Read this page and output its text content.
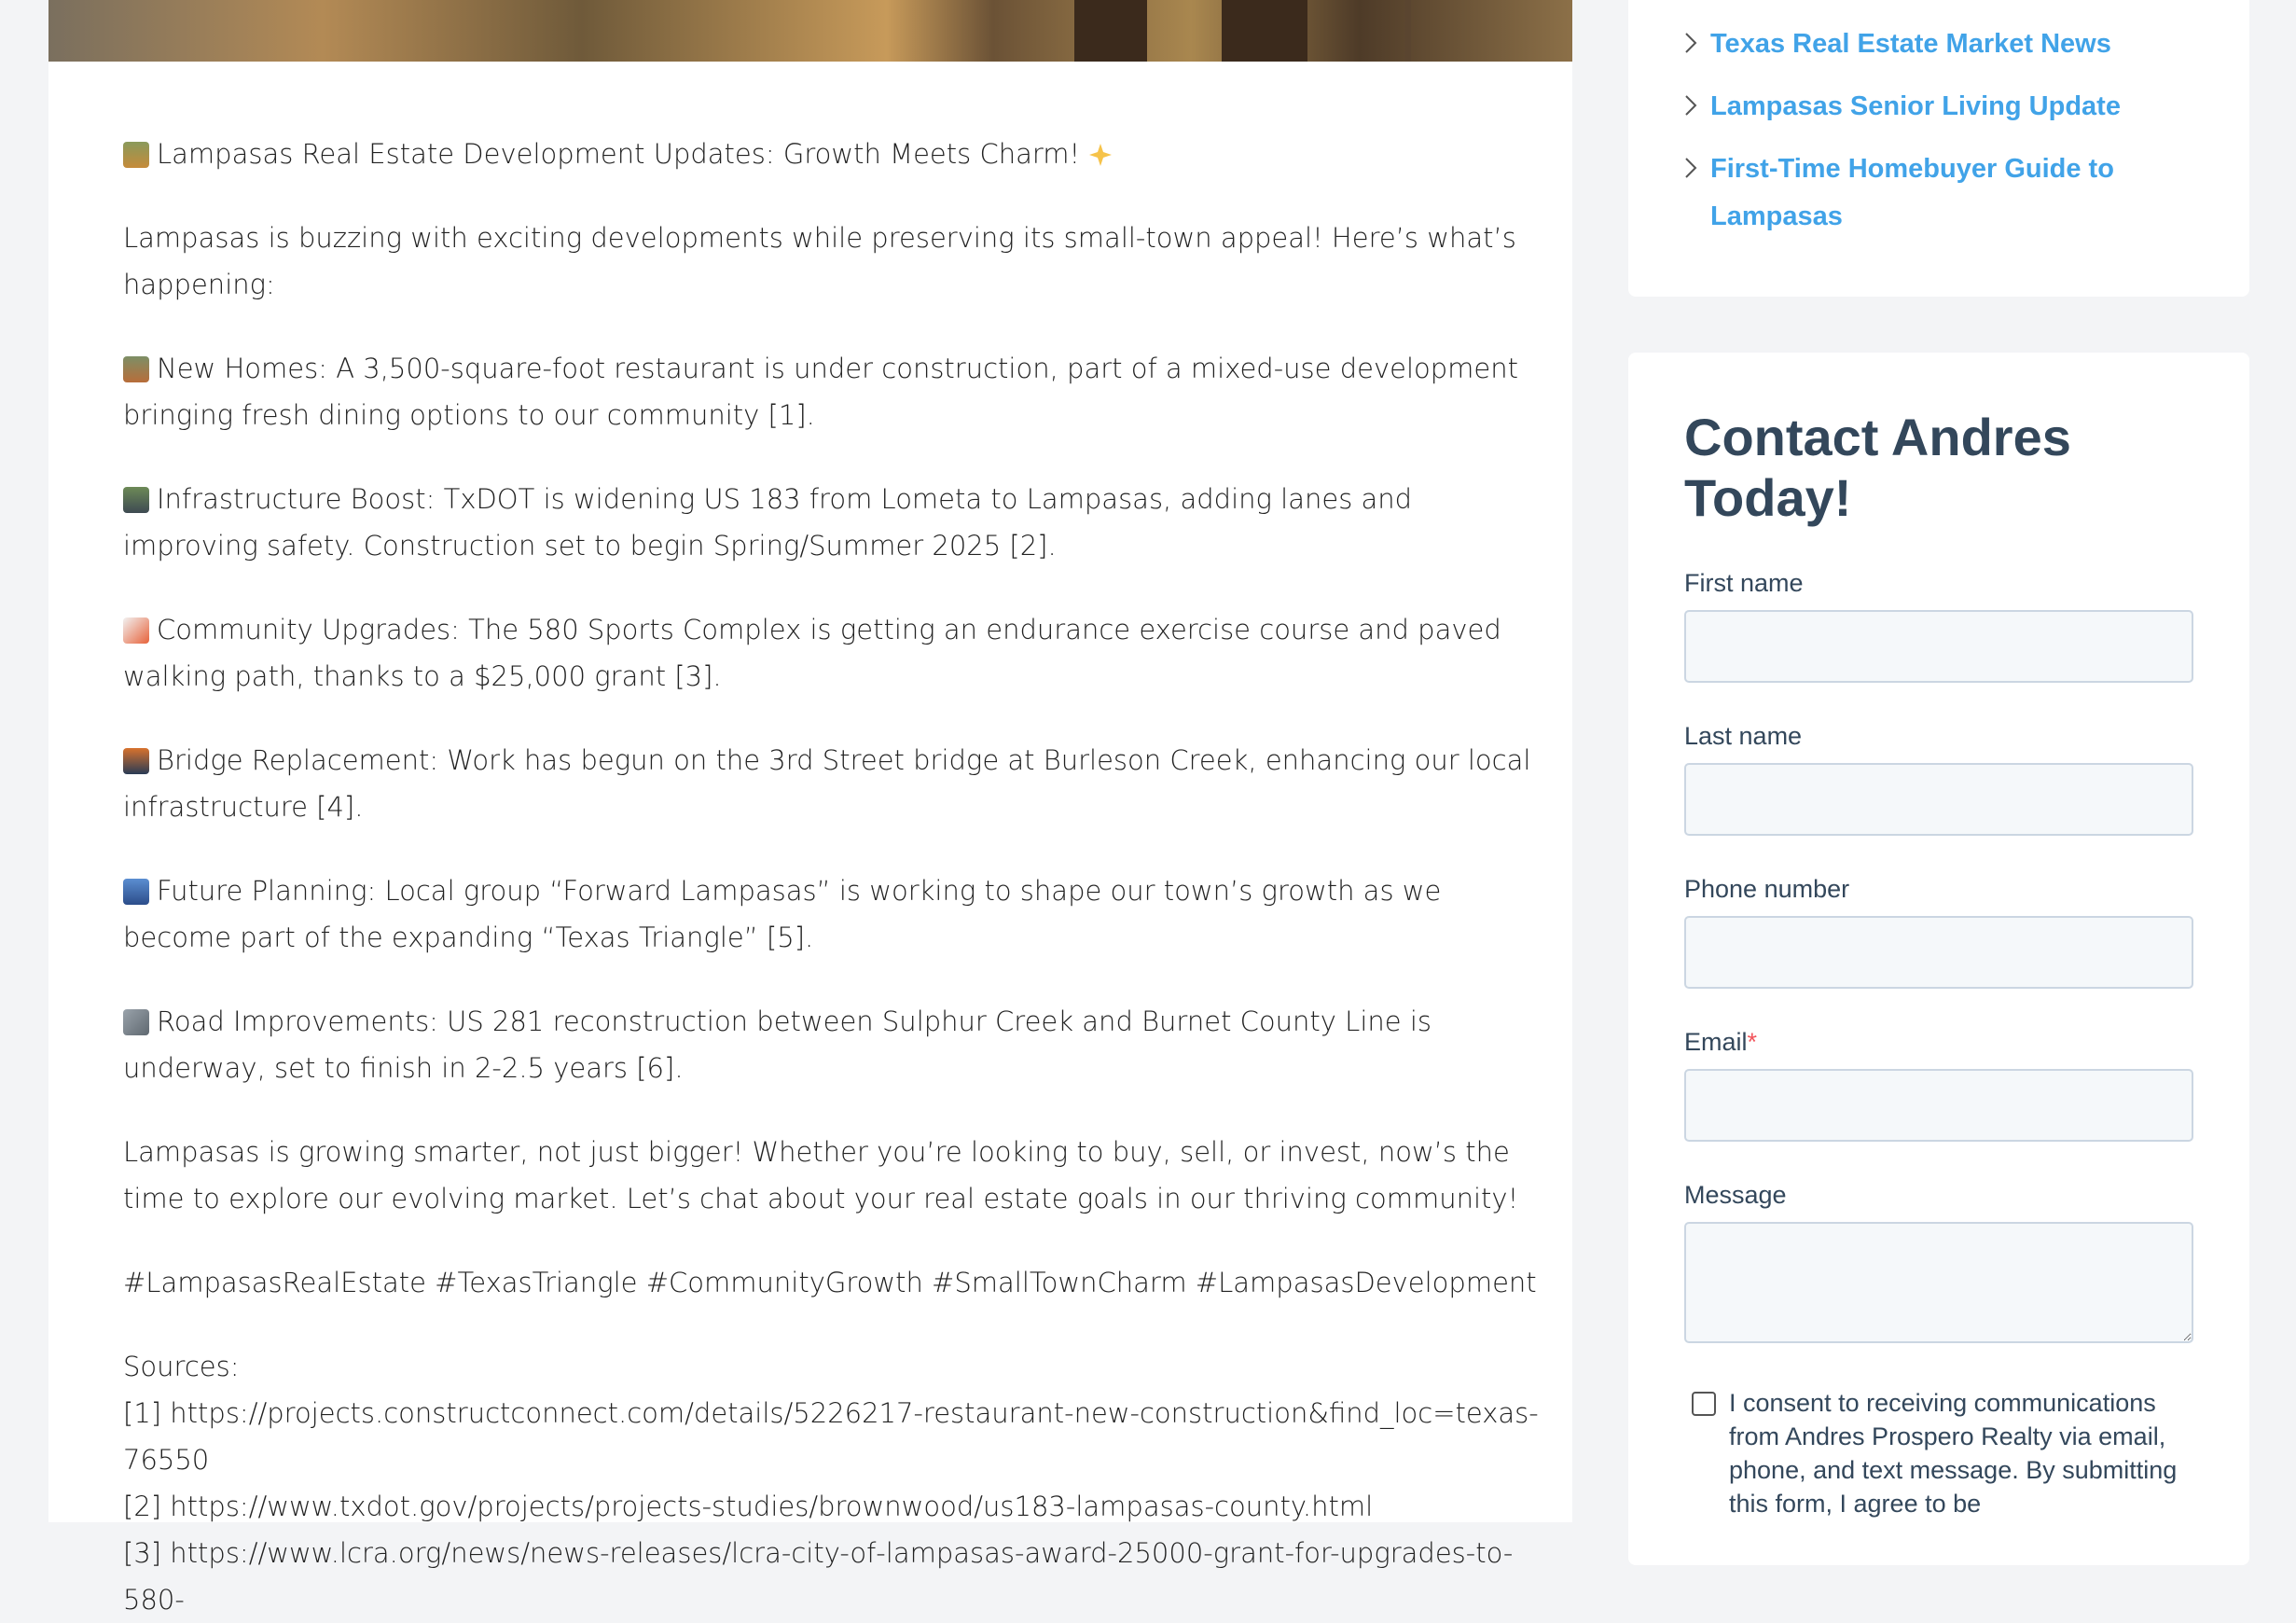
Lampasas Real Estate Development Updates: Growth Meets Charm!

Lampasas is buzzing with exciting developments while preserving its small-town appeal! Here’s what’s happening:

New Homes: A 3,500-square-foot restaurant is under construction, part of a mixed-use development bringing fresh dining options to our community [1].

Infrastructure Boost: TxDOT is widening US 183 from Lometa to Lampasas, adding lanes and improving safety. Construction set to begin Spring/Summer 2025 [2].

Community Upgrades: The 580 Sports Complex is getting an endurance exercise course and paved walking path, thanks to a $25,000 grant [3].

Bridge Replacement: Work has begun on the 3rd Street bridge at Burleson Creek, enhancing our local infrastructure [4].

Future Planning: Local group “Forward Lampasas” is working to shape our town’s growth as we become part of the expanding “Texas Triangle” [5].

Road Improvements: US 281 reconstruction between Sulphur Creek and Burnet County Line is underway, set to finish in 2-2.5 years [6].

Lampasas is growing smarter, not just bigger! Whether you’re looking to buy, sell, or invest, now’s the time to explore our evolving market. Let’s chat about your real estate goals in our thriving community!

#LampasasRealEstate #TexasTriangle #CommunityGrowth #SmallTownCharm #LampasasDevelopment

Sources:

[1] https://projects.constructconnect.com/details/5226217-restaurant-new-construction&find_loc=texas-76550

[2] https://www.txdot.gov/projects/projects-studies/brownwood/us183-lampasas-county.html

[3] https://www.lcra.org/news/news-releases/lcra-city-of-lampasas-award-25000-grant-for-upgrades-to-580-

Texas Real Estate Market News
Lampasas Senior Living Update
First-Time Homebuyer Guide to Lampasas
Contact Andres Today!
First name
Last name
Phone number
Email*
Message
I consent to receiving communications from Andres Prospero Realty via email, phone, and text message. By submitting this form, I agree to be
